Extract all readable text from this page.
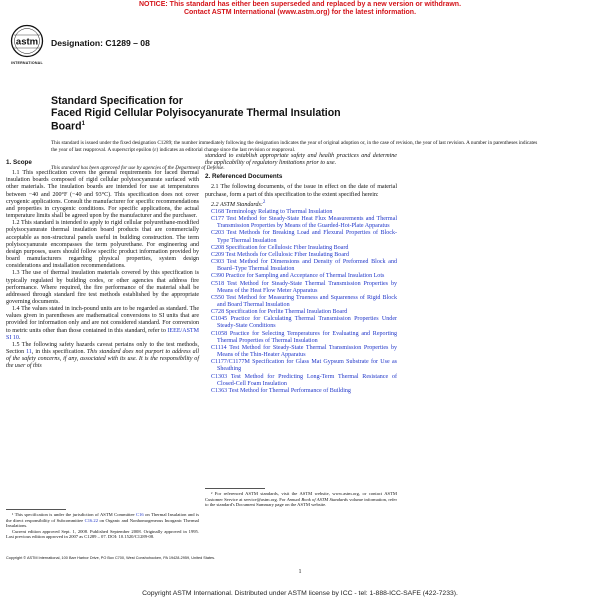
NOTICE: This standard has either been superseded and replaced by a new version or withdrawn.
Contact ASTM International (www.astm.org) for the latest information.
astm
INTERNATIONAL
Designation: C1289 – 08
Standard Specification for
Faced Rigid Cellular Polyisocyanurate Thermal Insulation
Board$^1$
This standard is issued under the fixed designation C1289; the number immediately following the designation indicates the year of original adoption or, in the case of revision, the year of last revision. A number in parentheses indicates the year of last reapproval. A superscript epsilon (ε) indicates an editorial change since the last revision or reapproval.
This standard has been approved for use by agencies of the Department of Defense.

1. Scope

1.1 This specification covers the general requirements for faced thermal insulation boards composed of rigid cellular polyisocyanurate surfaced with other materials. The insulation boards are intended for use at temperatures between −40 and 200°F (−40 and 93°C). This specification does not cover cryogenic applications. Consult the manufacturer for specific recommendations and properties in cryogenic conditions. For specific applications, the actual temperature limits shall be agreed upon by the manufacturer and the purchaser.

1.2 This standard is intended to apply to rigid cellular polyurethane-modified polyisocyanurate thermal insulation board products that are commercially acceptable as non-structural panels useful in building construction. The term polyisocyanurate encompasses the term polyurethane. For engineering and design purposes, users should follow specific product information provided by board manufacturers regarding physical properties, system design considerations and installation recommendations.

1.3 The use of thermal insulation materials covered by this specification is typically regulated by building codes, or other agencies that address fire performance. Where required, the fire performance of the material shall be addressed through standard fire test methods established by the appropriate governing documents.

1.4 The values stated in inch-pound units are to be regarded as standard. The values given in parentheses are mathematical conversions to SI units that are provided for information only and are not considered standard. For conversion to metric units other than those contained in this standard, refer to IEEE/ASTM SI 10.

1.5 The following safety hazards caveat pertains only to the test methods, Section 11, in this specification. This standard does not purport to address all of the safety concerns, if any, associated with its use. It is the responsibility of the user of this

standard to establish appropriate safety and health practices and determine the applicability of regulatory limitations prior to use.

2. Referenced Documents

2.1 The following documents, of the issue in effect on the date of material purchase, form a part of this specification to the extent specified herein:

2.2 ASTM Standards:$^2$

C168 Terminology Relating to Thermal Insulation

C177 Test Method for Steady-State Heat Flux Measurements and Thermal Transmission Properties by Means of the Guarded-Hot-Plate Apparatus

C203 Test Methods for Breaking Load and Flexural Properties of Block-Type Thermal Insulation

C208 Specification for Cellulosic Fiber Insulating Board

C209 Test Methods for Cellulosic Fiber Insulating Board

C303 Test Method for Dimensions and Density of Preformed Block and Board–Type Thermal Insulation

C390 Practice for Sampling and Acceptance of Thermal Insulation Lots

C518 Test Method for Steady-State Thermal Transmission Properties by Means of the Heat Flow Meter Apparatus

C550 Test Method for Measuring Trueness and Squareness of Rigid Block and Board Thermal Insulation

C728 Specification for Perlite Thermal Insulation Board

C1045 Practice for Calculating Thermal Transmission Properties Under Steady-State Conditions

C1058 Practice for Selecting Temperatures for Evaluating and Reporting Thermal Properties of Thermal Insulation

C1114 Test Method for Steady-State Thermal Transmission Properties by Means of the Thin-Heater Apparatus

C1177/C1177M Specification for Glass Mat Gypsum Substrate for Use as Sheathing

C1303 Test Method for Predicting Long-Term Thermal Resistance of Closed-Cell Foam Insulation

C1363 Test Method for Thermal Performance of Building

¹ This specification is under the jurisdiction of ASTM Committee C16 on Thermal Insulation and is the direct responsibility of Subcommittee C16.22 on Organic and Nonhomogeneous Inorganic Thermal Insulations.
Current edition approved Sept. 1, 2008. Published September 2008. Originally approved in 1995. Last previous edition approved in 2007 as C1289 – 07. DOI: 10.1520/C1289-08.
² For referenced ASTM standards, visit the ASTM website, www.astm.org, or contact ASTM Customer Service at service@astm.org. For Annual Book of ASTM Standards volume information, refer to the standard's Document Summary page on the ASTM website.
Copyright © ASTM International, 100 Barr Harbor Drive, PO Box C700, West Conshohocken, PA 19428-2959, United States.
1
Copyright ASTM International. Distributed under ASTM license by ICC - tel: 1-888-ICC-SAFE (422-7233).
